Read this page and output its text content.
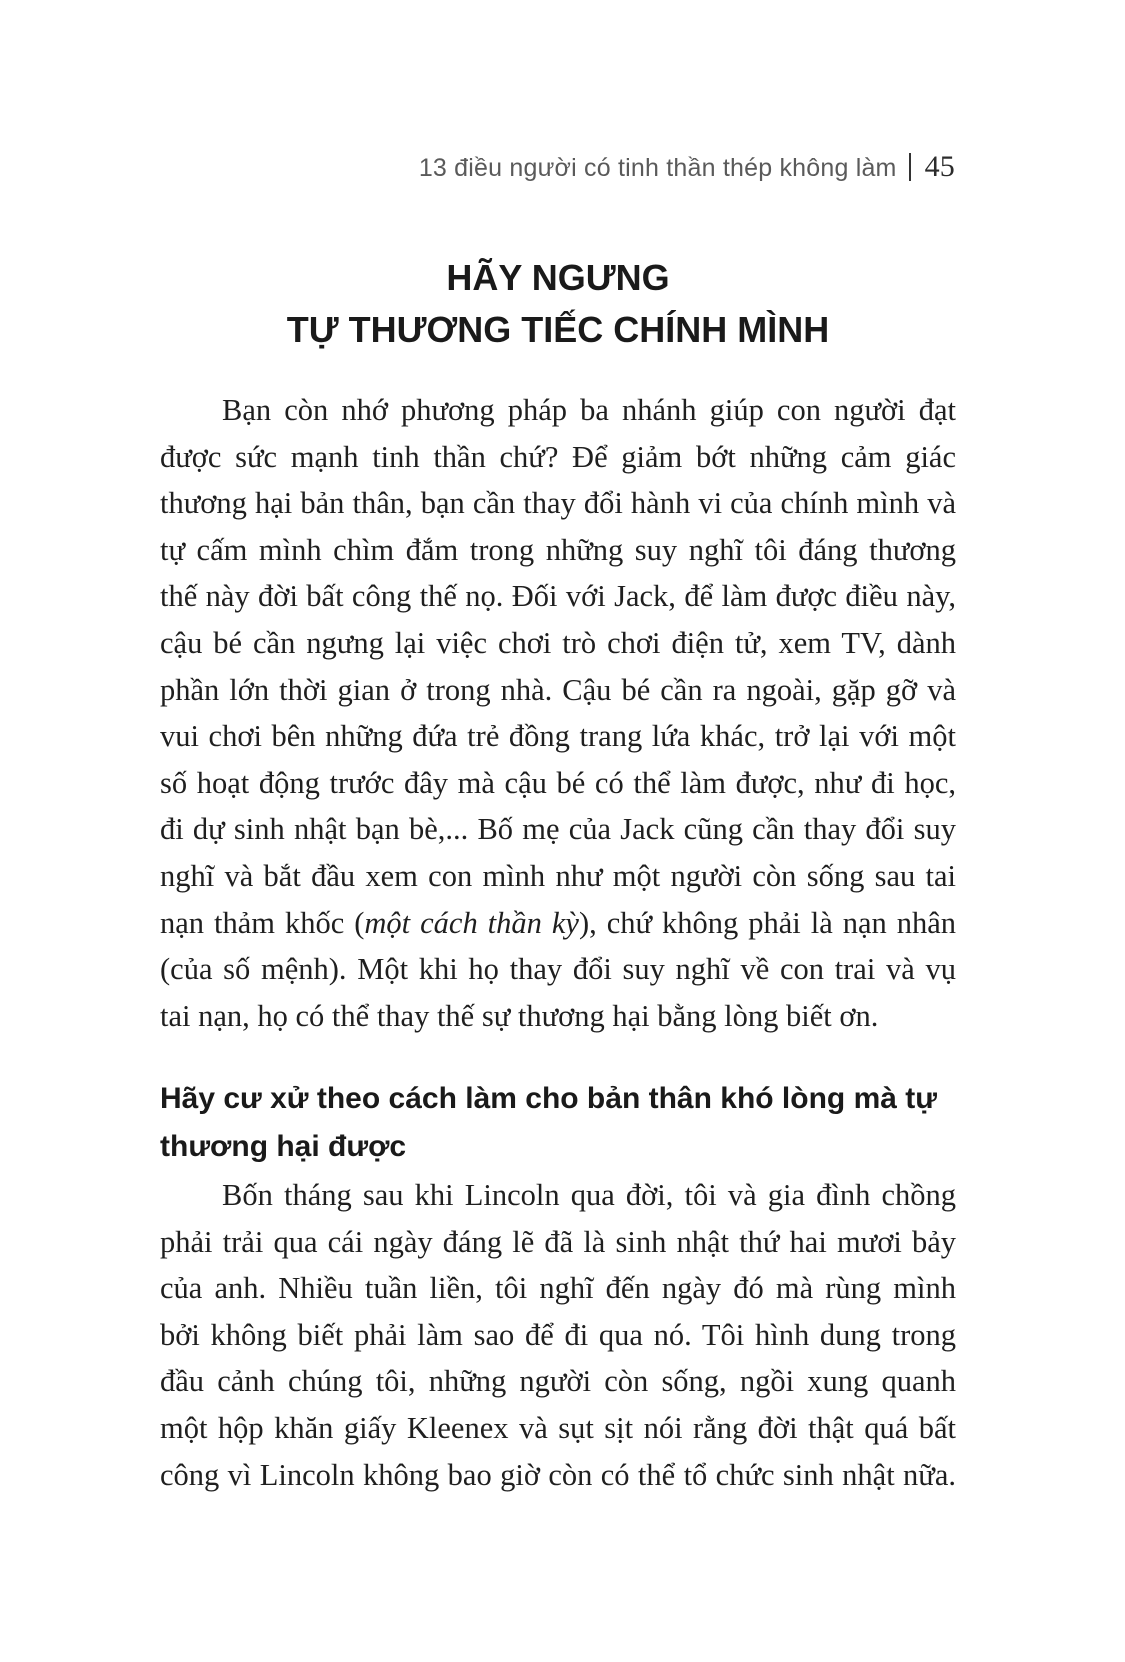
13 điều người có tinh thần thép không làm 45
HÃY NGƯNG
TỰ THƯƠNG TIẾC CHÍNH MÌNH
Bạn còn nhớ phương pháp ba nhánh giúp con người đạt
được sức mạnh tinh thần chứ? Để giảm bớt những cảm giác
thương hại bản thân, bạn cần thay đổi hành vi của chính mình và
tự cấm mình chìm đắm trong những suy nghĩ tôi đáng thương
thế này đời bất công thế nọ. Đối với Jack, để làm được điều này,
cậu bé cần ngưng lại việc chơi trò chơi điện tử, xem TV, dành
phần lớn thời gian ở trong nhà. Cậu bé cần ra ngoài, gặp gỡ và
vui chơi bên những đứa trẻ đồng trang lứa khác, trở lại với một
số hoạt động trước đây mà cậu bé có thể làm được, như đi học,
đi dự sinh nhật bạn bè,... Bố mẹ của Jack cũng cần thay đổi suy
nghĩ và bắt đầu xem con mình như một người còn sống sau tai
nạn thảm khốc (một cách thần kỳ), chứ không phải là nạn nhân
(của số mệnh). Một khi họ thay đổi suy nghĩ về con trai và vụ
tai nạn, họ có thể thay thế sự thương hại bằng lòng biết ơn.
Hãy cư xử theo cách làm cho bản thân khó lòng mà tự
thương hại được
Bốn tháng sau khi Lincoln qua đời, tôi và gia đình chồng
phải trải qua cái ngày đáng lẽ đã là sinh nhật thứ hai mươi bảy
của anh. Nhiều tuần liền, tôi nghĩ đến ngày đó mà rùng mình
bởi không biết phải làm sao để đi qua nó. Tôi hình dung trong
đầu cảnh chúng tôi, những người còn sống, ngồi xung quanh
một hộp khăn giấy Kleenex và sụt sịt nói rằng đời thật quá bất
công vì Lincoln không bao giờ còn có thể tổ chức sinh nhật nữa.
